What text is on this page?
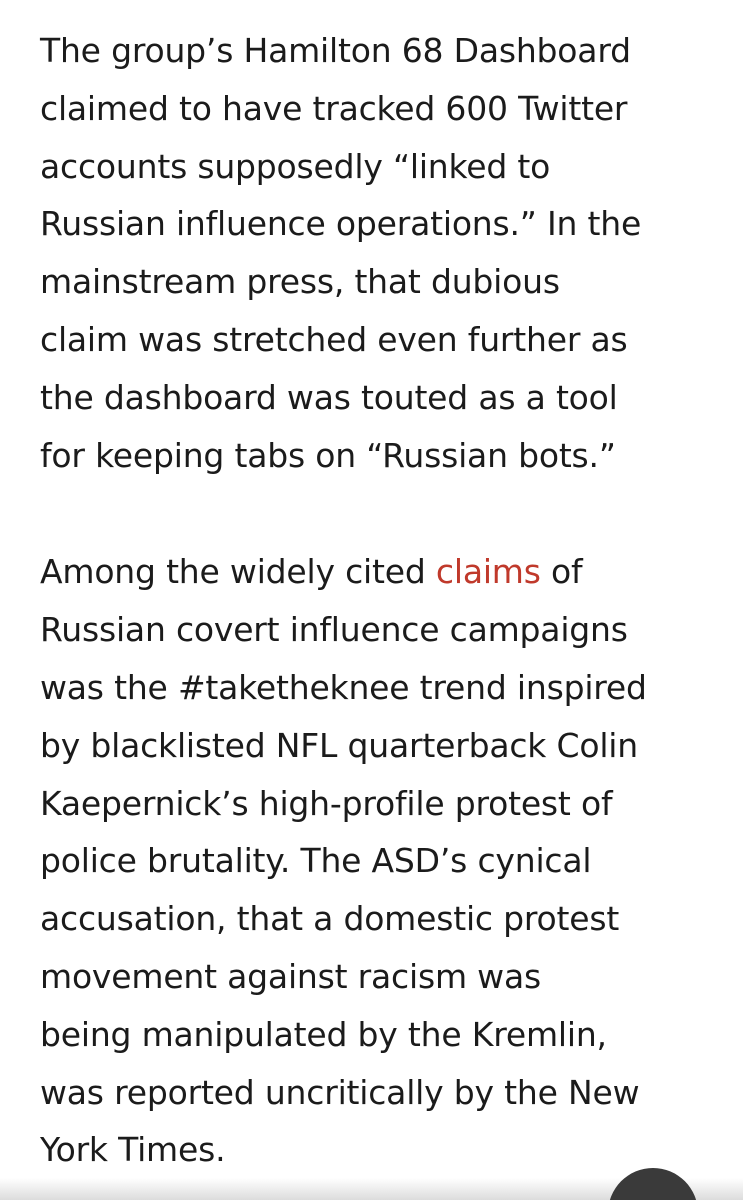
The group’s Hamilton 68 Dashboard
claimed to have tracked 600 Twitter
accounts supposedly “linked to
Russian influence operations.” In the
mainstream press, that dubious
claim was stretched even further as
the dashboard was touted as a tool
for keeping tabs on “Russian bots.”

Among the widely cited claims of
Russian covert influence campaigns
was the #taketheknee trend inspired
by blacklisted NFL quarterback Colin
Kaepernick’s high-profile protest of
police brutality. The ASD’s cynical
accusation, that a domestic protest
movement against racism was
being manipulated by the Kremlin,
was reported uncritically by the New
York Times.
